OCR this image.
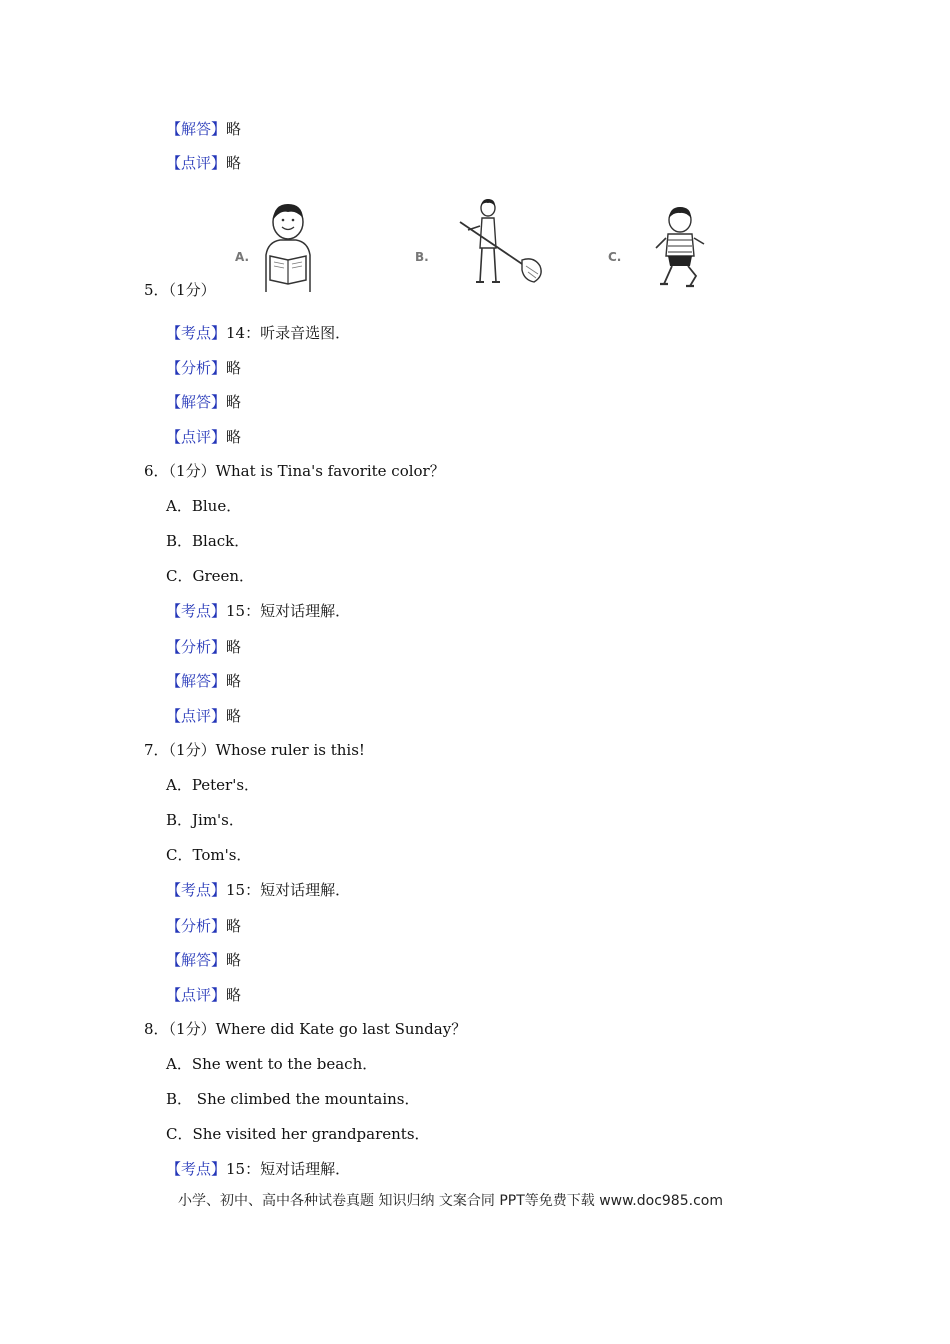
【解答】略
【点评】略
A.	B.	C.
5．（1分）
【考点】14：听录音选图．
【分析】略
【解答】略
【点评】略
6．（1分）What is Tina's favorite color？
A．Blue．
B．Black．
C．Green．
【考点】15：短对话理解．
【分析】略
【解答】略
【点评】略
7．（1分）Whose ruler is this!
A．Peter's．
B．Jim's．
C．Tom's．
【考点】15：短对话理解．
【分析】略
【解答】略
【点评】略
8．（1分）Where did Kate go last Sunday？
A．She went to the beach．
B． She climbed the mountains．
C．She visited her grandparents．
【考点】15：短对话理解．
小学、初中、高中各种试卷真题 知识归纳 文案合同 PPT等免费下载 www.doc985.com
